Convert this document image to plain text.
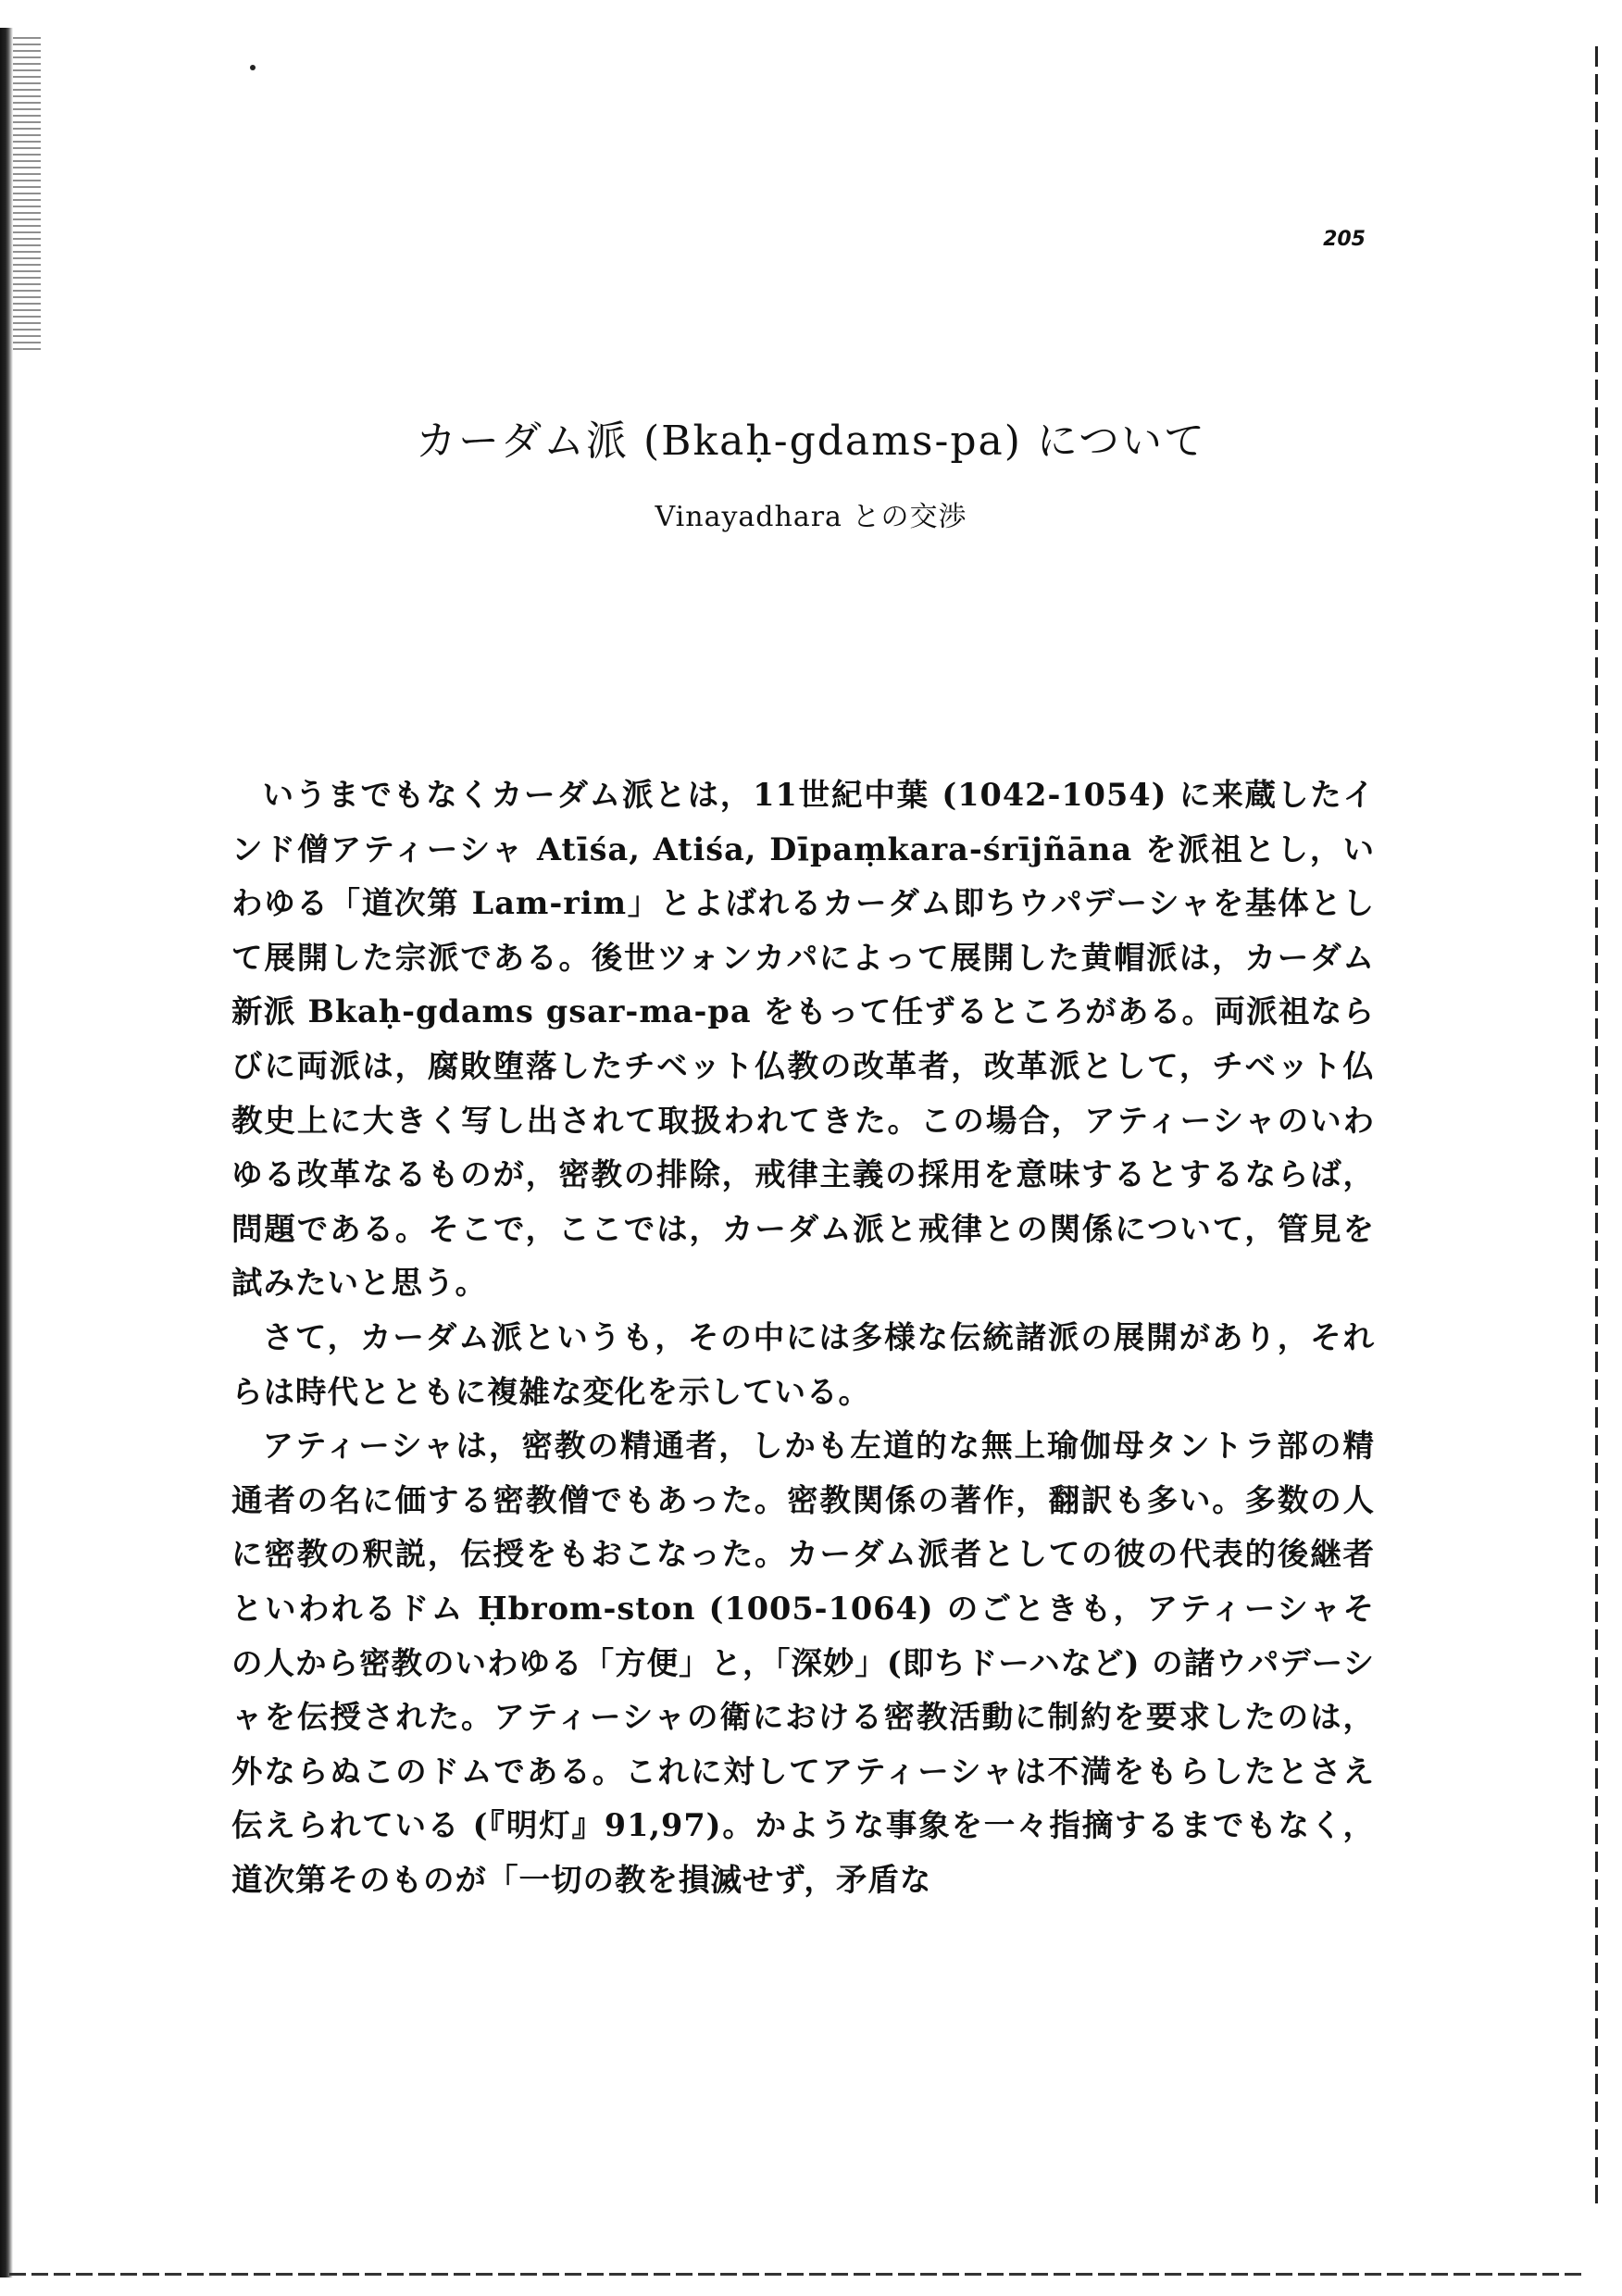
205
カーダム派 (Bkaḥ-gdams-pa) について
Vinayadhara との交渉

いうまでもなくカーダム派とは，11世紀中葉 (1042-1054) に来蔵したインド僧アティーシャ Atīśa, Atiśa, Dīpaṃkara-śrījñāna を派祖とし，いわゆる「道次第 Lam-rim」とよばれるカーダム即ちウパデーシャを基体として展開した宗派である。後世ツォンカパによって展開した黄帽派は，カーダム新派 Bkaḥ-gdams gsar-ma-pa をもって任ずるところがある。両派祖ならびに両派は，腐敗堕落したチベット仏教の改革者，改革派として，チベット仏教史上に大きく写し出されて取扱われてきた。この場合，アティーシャのいわゆる改革なるものが，密教の排除，戒律主義の採用を意味するとするならば，問題である。そこで，ここでは，カーダム派と戒律との関係について，管見を試みたいと思う。

さて，カーダム派というも，その中には多様な伝統諸派の展開があり，それらは時代とともに複雑な変化を示している。

アティーシャは，密教の精通者，しかも左道的な無上瑜伽母タントラ部の精通者の名に価する密教僧でもあった。密教関係の著作，翻訳も多い。多数の人に密教の釈説，伝授をもおこなった。カーダム派者としての彼の代表的後継者といわれるドム Ḥbrom-ston (1005-1064) のごときも，アティーシャその人から密教のいわゆる「方便」と，「深妙」(即ちドーハなど) の諸ウパデーシャを伝授された。アティーシャの衛における密教活動に制約を要求したのは，外ならぬこのドムである。これに対してアティーシャは不満をもらしたとさえ伝えられている (『明灯』91,97)。かような事象を一々指摘するまでもなく，道次第そのものが「一切の教を損滅せず，矛盾な
